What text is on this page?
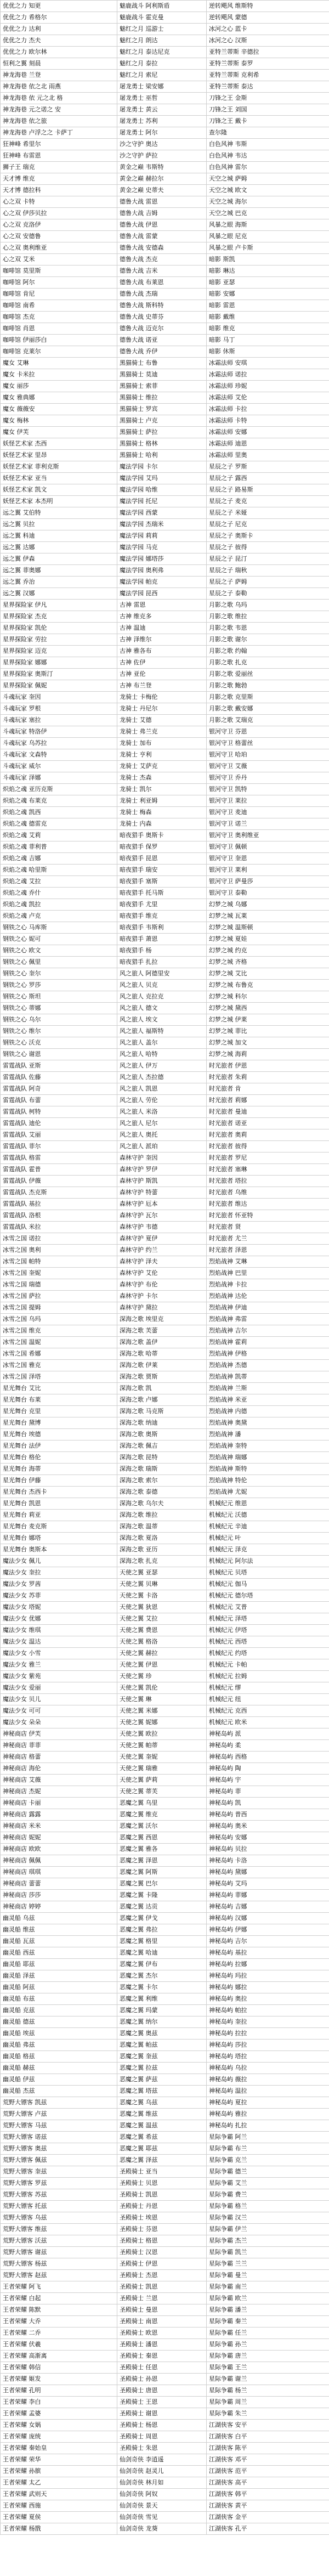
优优之力 知更	魅鹿战斗 阿利斯盾	逆转飓风 维斯特
优优之力 希格尔	魅鹿战斗 霍克曼	逆转飓风 蒙德
优优之力 达利	魅红之月 巡游士	冰河之心 蓝卡
优优之力 杰夫	魅红之月 朗达	冰河之心 汉斯
优优之力 欧尔林	魅红之月 泰达尼克	亚特兰蒂斯 辛德拉
恒利之翼 刻晨	魅红之月 泰拉	亚特兰蒂斯 泰罗
神龙海巷 兰登	魅红之月 索尼	亚特兰蒂斯 克利希
神龙海巷 依之北 雨燕	屠龙勇士 梁安娜	亚特兰蒂斯 泰达
神龙海巷 依 元之北 格	屠龙勇士 巫哲	刀锋之王 金斯
神龙海巷 元之诺之 安	屠龙勇士 黄云	刀锋之王 刘国
神龙海巷 依之旅	屠龙勇士 苏利	刀锋之王 戴卡
神龙海巷 卢浮之之 卡萨丁	屠龙勇士 阿尔	查尔隆
狂神峰 希里尔	沙之守护 奥达	白色风神 韦斯
狂神峰 布雷恩	沙之守护 萨拉	白色风神 韦达
狮子王 瑞克	黄金之巅 韦斯特	白色风神 雷尔
天才博 维克	黄金之巅 赫拉尔	天空之城 萨姆
天才博 德拉科	黄金之巅 史蒂夫	天空之城 欧文
心之双 卡特	德鲁大战 雷恩	天空之城 海尔
心之双 伊莎贝拉	德鲁大战 吉姆	天空之城 巴克
心之双 克洛伊	德鲁大战 伊恩	风暴之眼 海斯
心之双 安德鲁	德鲁大战 雷蒙	风暴之眼 尼克
心之双 奥利维亚	德鲁大战 安德森	风暴之眼 卢卡斯
心之双 艾米	德鲁大战 杰克	暗影 斯凯
咖啡馆 莫里斯	德鲁大战 吉米	暗影 琳达
咖啡馆 阿尔	德鲁大战 布莱恩	暗影 亚瑟
咖啡馆 肯尼	德鲁大战 杰瑞	暗影 安娜
咖啡馆 南希	德鲁大战 斯科特	暗影 雷恩
咖啡馆 杰克	德鲁大战 史蒂芬	暗影 戴维
咖啡馆 肖恩	德鲁大战 迈克尔	暗影 维克
咖啡馆 伊丽莎白	德鲁大战 诺亚	暗影 马丁
咖啡馆 克莱尔	德鲁大战 乔伊	暗影 休斯
魔女 艾琳	黑猫骑士 布鲁	冰霜法师 安琪
魔女 卡米拉	黑猫骑士 莫迪	冰霜法师 诺拉
魔女 丽莎	黑猫骑士 索菲	冰霜法师 珍妮
魔女 雅典娜	黑猫骑士 维拉	冰霜法师 艾伦
魔女 薇薇安	黑猫骑士 罗宾	冰霜法师 卡拉
魔女 梅林	黑猫骑士 卢克	冰霜法师 卡特
魔女 伊芙	黑猫骑士 萨拉	冰霜法师 安娜
妖怪艺术家 杰西	黑猫骑士 格林	冰霜法师 迪恩
妖怪艺术家 里昂	黑猫骑士 哈利	冰霜法师 里奥
妖怪艺术家 菲利克斯	魔法学园 卡尔	星辰之子 罗斯
妖怪艺术家 亚当	魔法学园 艾玛	星辰之子 露西
妖怪艺术家 凯文	魔法学园 哈维	星辰之子 路易斯
妖怪艺术家 本杰明	魔法学园 托尼	星辰之子 麦克
远之翼 艾伯特	魔法学园 西蒙	星辰之子 米娅
远之翼 贝拉	魔法学园 杰瑞米	星辰之子 尼克
远之翼 科迪	魔法学园 莉莉	星辰之子 奥斯卡
远之翼 达娜	魔法学园 马克	星辰之子 彼得
远之翼 伊森	魔法学园 娜塔莎	星辰之子 昆汀
远之翼 菲奥娜	魔法学园 奥利弗	星辰之子 瑞秋
远之翼 乔治	魔法学园 帕克	星辰之子 萨姆
远之翼 汉娜	魔法学园 昆西	星辰之子 泰勒
星界探险家 伊凡	古神 雷恩	月影之歌 乌玛
星界探险家 杰克	古神 维克多	月影之歌 维拉
星界探险家 凯伦	古神 温迪	月影之歌 韦恩
星界探险家 劳拉	古神 泽维尔	月影之歌 谢尔
星界探险家 迈克	古神 雅各布	月影之歌 约翰
星界探险家 娜娜	古神 佐伊	月影之歌 扎克
星界探险家 奥斯汀	古神 亚伦	月影之歌 爱丽丝
星界探险家 佩妮	古神 布兰登	月影之歌 鲍勃
斗魂玩家 奎因	龙骑士 卡梅伦	月影之歌 克里斯
斗魂玩家 罗根	龙骑士 丹尼尔	月影之歌 戴安娜
斗魂玩家 塞拉	龙骑士 艾德	月影之歌 艾瑞克
斗魂玩家 特洛伊	龙骑士 弗兰克	银河守卫 芬恩
斗魂玩家 乌苏拉	龙骑士 加布	银河守卫 格蕾丝
斗魂玩家 文森特	龙骑士 亨利	银河守卫 哈珀
斗魂玩家 威尔	龙骑士 艾萨克	银河守卫 艾薇
斗魂玩家 泽娜	龙骑士 杰森	银河守卫 乔丹
炽焰之魂 亚历克斯	龙骑士 凯尔	银河守卫 凯特
炽焰之魂 布莱克	龙骑士 利亚姆	银河守卫 莱拉
炽焰之魂 凯西	龙骑士 梅森	银河守卫 麦迪
炽焰之魂 德雷克	龙骑士 内森	银河守卫 诺兰
炽焰之魂 艾莉	暗夜猎手 奥斯卡	银河守卫 奥利维亚
炽焰之魂 菲利普	暗夜猎手 保罗	银河守卫 佩顿
炽焰之魂 吉娜	暗夜猎手 昆恩	银河守卫 奎恩
炽焰之魂 哈里斯	暗夜猎手 瑞安	银河守卫 莱利
炽焰之魂 艾拉	暗夜猎手 塞斯	银河守卫 萨曼莎
炽焰之魂 乔什	暗夜猎手 托马斯	银河守卫 泰勒
炽焰之魂 凯拉	暗夜猎手 尤里	幻梦之城 乌娜
炽焰之魂 卢克	暗夜猎手 维克	幻梦之城 瓦莱
钢铁之心 马库斯	暗夜猎手 韦斯利	幻梦之城 温斯顿
钢铁之心 妮可	暗夜猎手 萧恩	幻梦之城 夏娃
钢铁之心 欧文	暗夜猎手 杨	幻梦之城 约克
钢铁之心 佩里	暗夜猎手 扎拉	幻梦之城 齐格
钢铁之心 奎尔	风之旅人 阿德里安	幻梦之城 艾比
钢铁之心 罗莎	风之旅人 贝克	幻梦之城 布鲁克
钢铁之心 斯坦	风之旅人 克拉克	幻梦之城 科尔
钢铁之心 蒂娜	风之旅人 德文	幻梦之城 黛西
钢铁之心 乌尔	风之旅人 埃文	幻梦之城 伊莱
钢铁之心 维尔	风之旅人 福斯特	幻梦之城 菲比
钢铁之心 沃克	风之旅人 盖尔	幻梦之城 加文
钢铁之心 谢恩	风之旅人 哈特	幻梦之城 海莉
雷霆战队 亚斯	风之旅人 伊万	时光旅者 伊恩
雷霆战队 佐藤	风之旅人 杰拉德	时光旅者 朱莉
雷霆战队 阿奇	风之旅人 凯恩	时光旅者 肯
雷霆战队 布蕾	风之旅人 劳伦	时光旅者 莉娜
雷霆战队 柯特	风之旅人 米洛	时光旅者 曼迪
雷霆战队 迪伦	风之旅人 尼尔	时光旅者 诺亚
雷霆战队 艾丽	风之旅人 奥托	时光旅者 奥莉
雷霆战队 菲尔	风之旅人 派珀	时光旅者 彼得
雷霆战队 格雷	森林守护 奎因	时光旅者 罗尼
雷霆战队 霍普	森林守护 罗伊	时光旅者 塞琳
雷霆战队 伊薇	森林守护 斯凯	时光旅者 塔拉
雷霆战队 杰克斯	森林守护 特蕾	时光旅者 乌维
雷霆战队 基拉	森林守护 厄本	时光旅者 维达
雷霆战队 洛根	森林守护 瓦尔	时光旅者 怀亚特
雷霆战队 米拉	森林守护 韦德	时光旅者 贤
冰雪之国 诺拉	森林守护 夏伊	时光旅者 尤兰
冰雪之国 奥利	森林守护 约兰	时光旅者 泽恩
冰雪之国 帕特	森林守护 泽夫	烈焰战神 艾琳
冰雪之国 奎妮	森林守护 艾伦	烈焰战神 巴里
冰雪之国 瑞德	森林守护 布伦	烈焰战神 卡拉
冰雪之国 萨拉	森林守护 卡尔	烈焰战神 达伦
冰雪之国 提姆	森林守护 黛拉	烈焰战神 伊迪
冰雪之国 乌玛	深海之歌 埃里克	烈焰战神 弗雷
冰雪之国 维克	深海之歌 芙蕾	烈焰战神 吉尔
冰雪之国 温妮	深海之歌 盖伊	烈焰战神 霍莉
冰雪之国 希娜	深海之歌 哈蒂	烈焰战神 伊格
冰雪之国 雅克	深海之歌 伊莱	烈焰战神 杰德
冰雪之国 泽塔	深海之歌 贾斯	烈焰战神 凯蒂
星光舞台 艾比	深海之歌 凯	烈焰战神 兰斯
星光舞台 布莱	深海之歌 卢娜	烈焰战神 米亚
星光舞台 克里	深海之歌 马克斯	烈焰战神 内德
星光舞台 黛博	深海之歌 纳迪	烈焰战神 奥黛
星光舞台 埃德	深海之歌 奥斯	烈焰战神 潘
星光舞台 法伊	深海之歌 佩吉	烈焰战神 奎特
星光舞台 格伦	深海之歌 昆特	烈焰战神 瑞娜
星光舞台 海蒂	深海之歌 瑞斯	烈焰战神 斯特
星光舞台 伊藤	深海之歌 索尔	烈焰战神 特伦
星光舞台 杰西卡	深海之歌 泰德	烈焰战神 尤妮
星光舞台 凯恩	深海之歌 乌尔夫	机械纪元 维恩
星光舞台 莉亚	深海之歌 维拉	机械纪元 沃德
星光舞台 麦克斯	深海之歌 温蒂	机械纪元 辛迪
星光舞台 娜塔	深海之歌 夏洛	机械纪元 叶
星光舞台 奥斯本	深海之歌 亚历	机械纪元 泽克
魔法少女 佩儿	深海之歌 扎克	机械纪元 阿尔法
魔法少女 奎拉	天使之翼 亚瑟	机械纪元 贝塔
魔法少女 罗茜	天使之翼 贝琳	机械纪元 伽马
魔法少女 苏菲	天使之翼 卡洛	机械纪元 德尔塔
魔法少女 塔妮	天使之翼 狄恩	机械纪元 艾普
魔法少女 优娜	天使之翼 艾拉	机械纪元 泽塔
魔法少女 维琪	天使之翼 费恩	机械纪元 伊塔
魔法少女 温达	天使之翼 格洛	机械纪元 西塔
魔法少女 小雪	天使之翼 赫拉	机械纪元 约塔
魔法少女 雅兰	天使之翼 伊恩	机械纪元 卡帕
魔法少女 紫苑	天使之翼 珍	机械纪元 拉姆
魔法少女 爱丽	天使之翼 凯伦	机械纪元 缪
魔法少女 贝儿	天使之翼 琳	机械纪元 纽
魔法少女 可可	天使之翼 米娜	机械纪元 克西
魔法少女 朵朵	天使之翼 妮娜	机械纪元 欧米
神秘商店 伊芙	天使之翼 欧拉	神秘岛屿 派
神秘商店 菲菲	天使之翼 帕蒂	神秘岛屿 柔
神秘商店 格蕾	天使之翼 奎妮	神秘岛屿 西格
神秘商店 海伦	天使之翼 瑞雅	神秘岛屿 陶
神秘商店 艾薇	天使之翼 萨莉	神秘岛屿 宇
神秘商店 杰妮	天使之翼 蒂芙	神秘岛屿 菲
神秘商店 卡丽	恶魔之翼 乌里	神秘岛屿 凯
神秘商店 露露	恶魔之翼 维克	神秘岛屿 普西
神秘商店 米米	恶魔之翼 沃尔	神秘岛屿 奥米
神秘商店 妮妮	恶魔之翼 西恩	神秘岛屿 安娜
神秘商店 欧欧	恶魔之翼 雅各	神秘岛屿 贝拉
神秘商店 佩佩	恶魔之翼 泽恩	神秘岛屿 卡洛
神秘商店 琪琪	恶魔之翼 阿斯	神秘岛屿 黛娜
神秘商店 蕾蕾	恶魔之翼 巴尔	神秘岛屿 艾玛
神秘商店 莎莎	恶魔之翼 卡隆	神秘岛屿 菲娜
神秘商店 婷婷	恶魔之翼 达贡	神秘岛屿 吉娜
幽灵船 乌兹	恶魔之翼 伊戈	神秘岛屿 汉娜
幽灵船 维兹	恶魔之翼 弗拉	神秘岛屿 伊娜
幽灵船 瓦兹	恶魔之翼 格里	神秘岛屿 吉尔
幽灵船 西兹	恶魔之翼 哈迪	神秘岛屿 基拉
幽灵船 耶兹	恶魔之翼 伊布	神秘岛屿 拉娜
幽灵船 泽兹	恶魔之翼 杰尔	神秘岛屿 玛拉
幽灵船 阿兹	恶魔之翼 卡尔	神秘岛屿 娜拉
幽灵船 布兹	恶魔之翼 利维	神秘岛屿 奥拉
幽灵船 克兹	恶魔之翼 玛蒙	神秘岛屿 帕拉
幽灵船 德兹	恶魔之翼 纳尔	神秘岛屿 奎拉
幽灵船 埃兹	恶魔之翼 奥兹	神秘岛屿 拉拉
幽灵船 弗兹	恶魔之翼 帕兹	神秘岛屿 莎拉
幽灵船 格兹	恶魔之翼 奎兹	神秘岛屿 塔拉
幽灵船 赫兹	恶魔之翼 拉兹	神秘岛屿 乌拉
幽灵船 伊兹	恶魔之翼 萨兹	神秘岛屿 薇拉
幽灵船 杰兹	恶魔之翼 塔兹	神秘岛屿 温拉
荒野大镖客 凯兹	恶魔之翼 乌兹	神秘岛屿 夏拉
荒野大镖客 卢兹	恶魔之翼 维兹	神秘岛屿 雅拉
荒野大镖客 马兹	恶魔之翼 温兹	神秘岛屿 扎拉
荒野大镖客 诺兹	恶魔之翼 希兹	星际争霸 阿兰
荒野大镖客 奥兹	恶魔之翼 耶兹	星际争霸 布兰
荒野大镖客 佩兹	恶魔之翼 泽兹	星际争霸 克兰
荒野大镖客 奎兹	圣殿骑士 亚当	星际争霸 德兰
荒野大镖客 罗兹	圣殿骑士 贝恩	星际争霸 艾兰
荒野大镖客 苏兹	圣殿骑士 凯恩	星际争霸 费兰
荒野大镖客 托兹	圣殿骑士 丹恩	星际争霸 格兰
荒野大镖客 乌兹	圣殿骑士 埃恩	星际争霸 汉兰
荒野大镖客 维兹	圣殿骑士 芬恩	星际争霸 伊兰
荒野大镖客 沃兹	圣殿骑士 格恩	星际争霸 杰兰
荒野大镖客 谢兹	圣殿骑士 汉恩	星际争霸 凯兰
荒野大镖客 杨兹	圣殿骑士 伊恩	星际争霸 兰兰
荒野大镖客 赵兹	圣殿骑士 杰恩	星际争霸 曼兰
王者荣耀 阿飞	圣殿骑士 凯恩	星际争霸 南兰
王者荣耀 白起	圣殿骑士 兰恩	星际争霸 欧兰
王者荣耀 陈默	圣殿骑士 曼恩	星际争霸 潘兰
王者荣耀 大乔	圣殿骑士 南恩	星际争霸 秦兰
王者荣耀 二乔	圣殿骑士 欧恩	星际争霸 任兰
王者荣耀 伏羲	圣殿骑士 潘恩	星际争霸 孙兰
王者荣耀 高渐离	圣殿骑士 秦恩	星际争霸 唐兰
王者荣耀 韩信	圣殿骑士 任恩	星际争霸 王兰
王者荣耀 姬发	圣殿骑士 孙恩	星际争霸 谢兰
王者荣耀 孔明	圣殿骑士 唐恩	星际争霸 杨兰
王者荣耀 李白	圣殿骑士 王恩	星际争霸 周兰
王者荣耀 孟婆	圣殿骑士 谢恩	星际争霸 朱兰
王者荣耀 女娲	圣殿骑士 杨恩	江湖侠客 安平
王者荣耀 庞统	圣殿骑士 周恩	江湖侠客 白平
王者荣耀 秦始皇	圣殿骑士 朱恩	江湖侠客 陈平
王者荣耀 荣华	仙剑奇侠 李逍遥	江湖侠客 邓平
王者荣耀 孙膑	仙剑奇侠 赵灵儿	江湖侠客 范平
王者荣耀 太乙	仙剑奇侠 林月如	江湖侠客 高平
王者荣耀 武则天	仙剑奇侠 阿奴	江湖侠客 韩平
王者荣耀 西施	仙剑奇侠 景天	江湖侠客 黄平
王者荣耀 夏侯	仙剑奇侠 雪见	江湖侠客 金平
王者荣耀 杨戬	仙剑奇侠 龙葵	江湖侠客 孔平
